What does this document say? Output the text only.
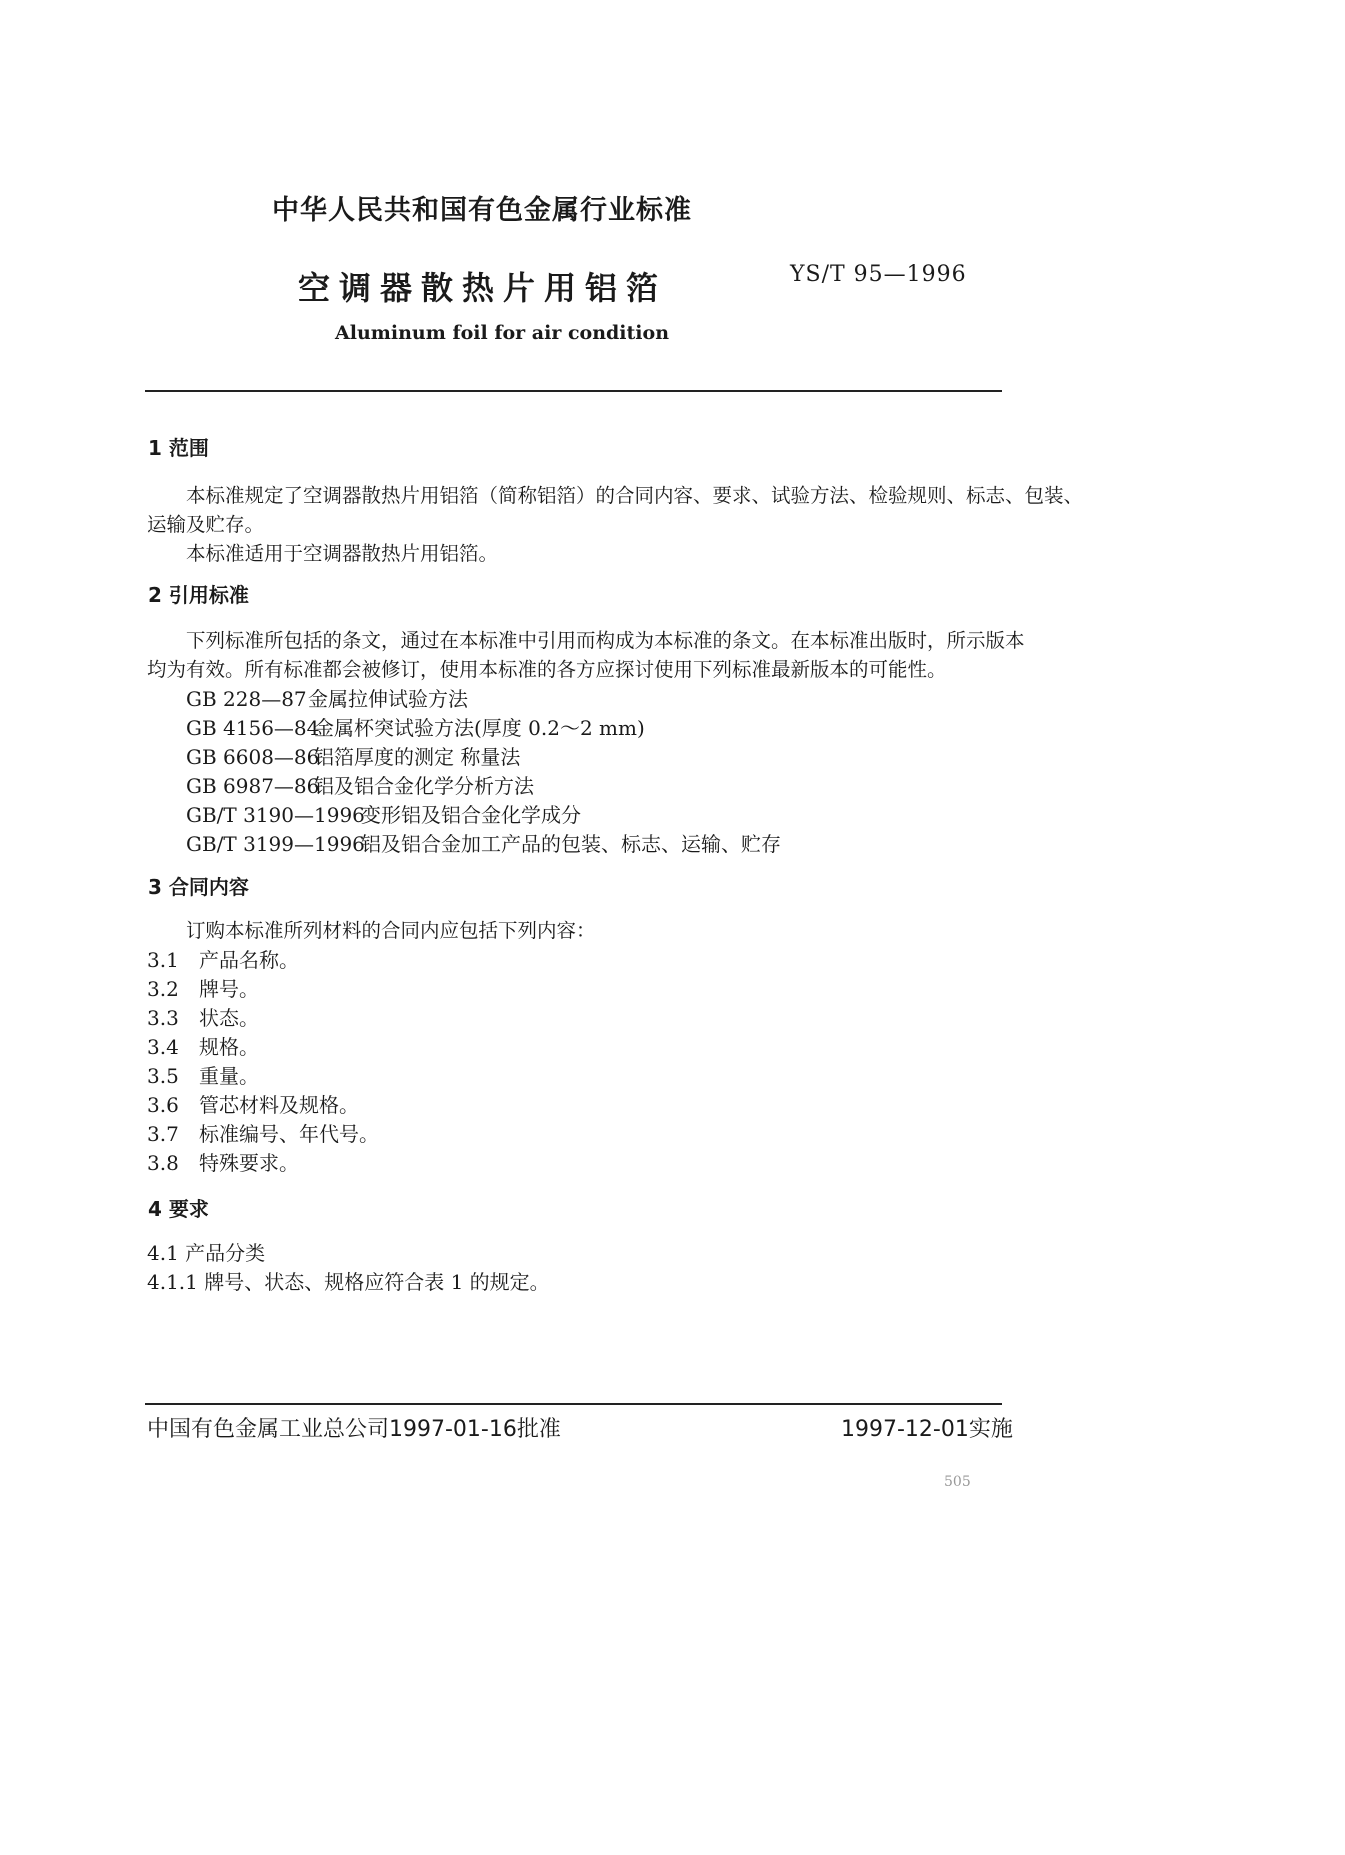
中华人民共和国有色金属行业标准
空调器散热片用铝箔	YS/T 95—1996
Aluminum foil for air condition
1 范围
本标准规定了空调器散热片用铝箔（简称铝箔）的合同内容、要求、试验方法、检验规则、标志、包装、
运输及贮存。
本标准适用于空调器散热片用铝箔。
2 引用标准
下列标准所包括的条文，通过在本标准中引用而构成为本标准的条文。在本标准出版时，所示版本
均为有效。所有标准都会被修订，使用本标准的各方应探讨使用下列标准最新版本的可能性。
GB 228—87金属拉伸试验方法
GB 4156—84金属杯突试验方法(厚度 0.2～2 mm)
GB 6608—86铝箔厚度的测定 称量法
GB 6987—86铝及铝合金化学分析方法
GB/T 3190—1996变形铝及铝合金化学成分
GB/T 3199—1996铝及铝合金加工产品的包装、标志、运输、贮存
3 合同内容
订购本标准所列材料的合同内应包括下列内容：
3.1 产品名称。
3.2 牌号。
3.3 状态。
3.4 规格。
3.5 重量。
3.6 管芯材料及规格。
3.7 标准编号、年代号。
3.8 特殊要求。
4 要求
4.1 产品分类
4.1.1 牌号、状态、规格应符合表 1 的规定。
中国有色金属工业总公司1997-01-16批准	1997-12-01实施
505
